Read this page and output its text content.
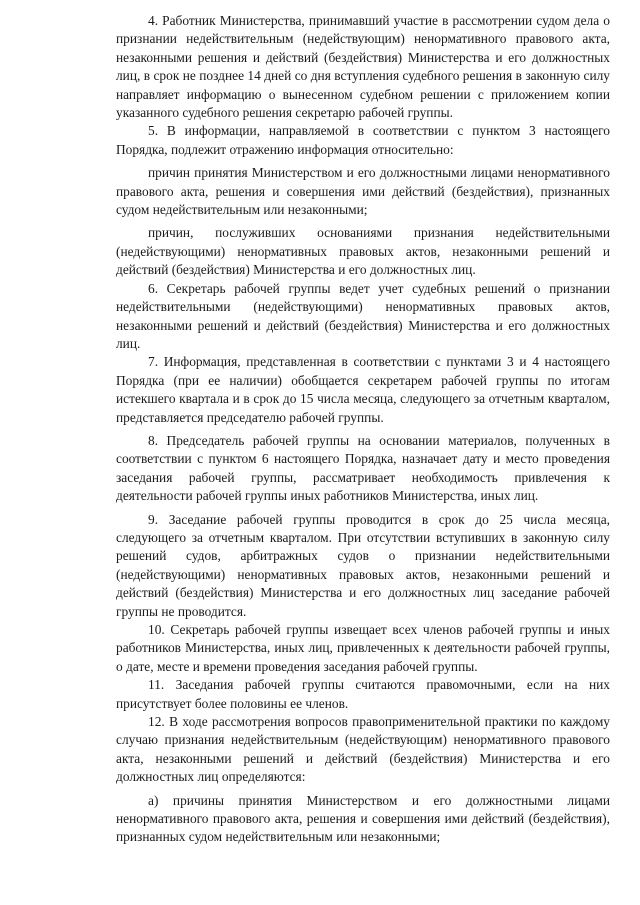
4. Работник Министерства, принимавший участие в рассмотрении судом дела о признании недействительным (недействующим) ненормативного правового акта, незаконными решения и действий (бездействия) Министерства и его должностных лиц, в срок не позднее 14 дней со дня вступления судебного решения в законную силу направляет информацию о вынесенном судебном решении с приложением копии указанного судебного решения секретарю рабочей группы.

5. В информации, направляемой в соответствии с пунктом 3 настоящего Порядка, подлежит отражению информация относительно:

причин принятия Министерством и его должностными лицами ненормативного правового акта, решения и совершения ими действий (бездействия), признанных судом недействительным или незаконными;

причин, послуживших основаниями признания недействительными (недействующими) ненормативных правовых актов, незаконными решений и действий (бездействия) Министерства и его должностных лиц.

6. Секретарь рабочей группы ведет учет судебных решений о признании недействительными (недействующими) ненормативных правовых актов, незаконными решений и действий (бездействия) Министерства и его должностных лиц.

7. Информация, представленная в соответствии с пунктами 3 и 4 настоящего Порядка (при ее наличии) обобщается секретарем рабочей группы по итогам истекшего квартала и в срок до 15 числа месяца, следующего за отчетным кварталом, представляется председателю рабочей группы.

8. Председатель рабочей группы на основании материалов, полученных в соответствии с пунктом 6 настоящего Порядка, назначает дату и место проведения заседания рабочей группы, рассматривает необходимость привлечения к деятельности рабочей группы иных работников Министерства, иных лиц.

9. Заседание рабочей группы проводится в срок до 25 числа месяца, следующего за отчетным кварталом. При отсутствии вступивших в законную силу решений судов, арбитражных судов о признании недействительными (недействующими) ненормативных правовых актов, незаконными решений и действий (бездействия) Министерства и его должностных лиц заседание рабочей группы не проводится.

10. Секретарь рабочей группы извещает всех членов рабочей группы и иных работников Министерства, иных лиц, привлеченных к деятельности рабочей группы, о дате, месте и времени проведения заседания рабочей группы.

11. Заседания рабочей группы считаются правомочными, если на них присутствует более половины ее членов.

12. В ходе рассмотрения вопросов правоприменительной практики по каждому случаю признания недействительным (недействующим) ненормативного правового акта, незаконными решений и действий (бездействия) Министерства и его должностных лиц определяются:

а) причины принятия Министерством и его должностными лицами ненормативного правового акта, решения и совершения ими действий (бездействия), признанных судом недействительным или незаконными;
